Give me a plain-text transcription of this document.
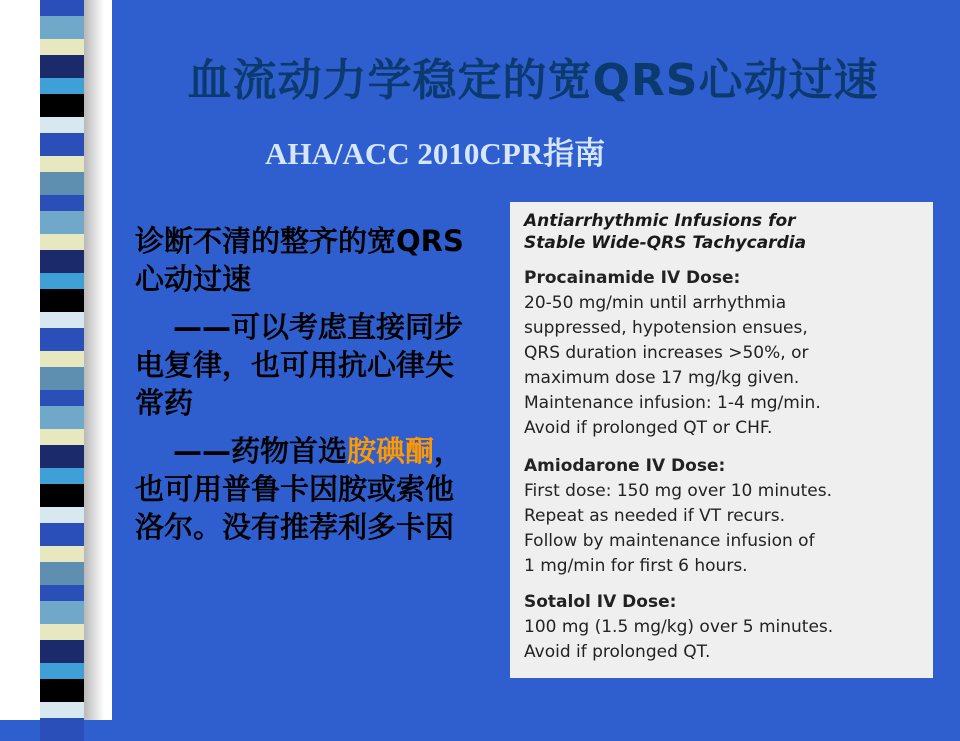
血流动力学稳定的宽QRS心动过速
AHA/ACC 2010CPR指南

诊断不清的整齐的宽QRS心动过速

——可以考虑直接同步电复律，也可用抗心律失常药

——药物首选胺碘酮，也可用普鲁卡因胺或索他洛尔。没有推荐利多卡因

Antiarrhythmic Infusions for
Stable Wide-QRS Tachycardia
Procainamide IV Dose:
20-50 mg/min until arrhythmia
suppressed, hypotension ensues,
QRS duration increases >50%, or
maximum dose 17 mg/kg given.
Maintenance infusion: 1-4 mg/min.
Avoid if prolonged QT or CHF.
Amiodarone IV Dose:
First dose: 150 mg over 10 minutes.
Repeat as needed if VT recurs.
Follow by maintenance infusion of
1 mg/min for first 6 hours.
Sotalol IV Dose:
100 mg (1.5 mg/kg) over 5 minutes.
Avoid if prolonged QT.
